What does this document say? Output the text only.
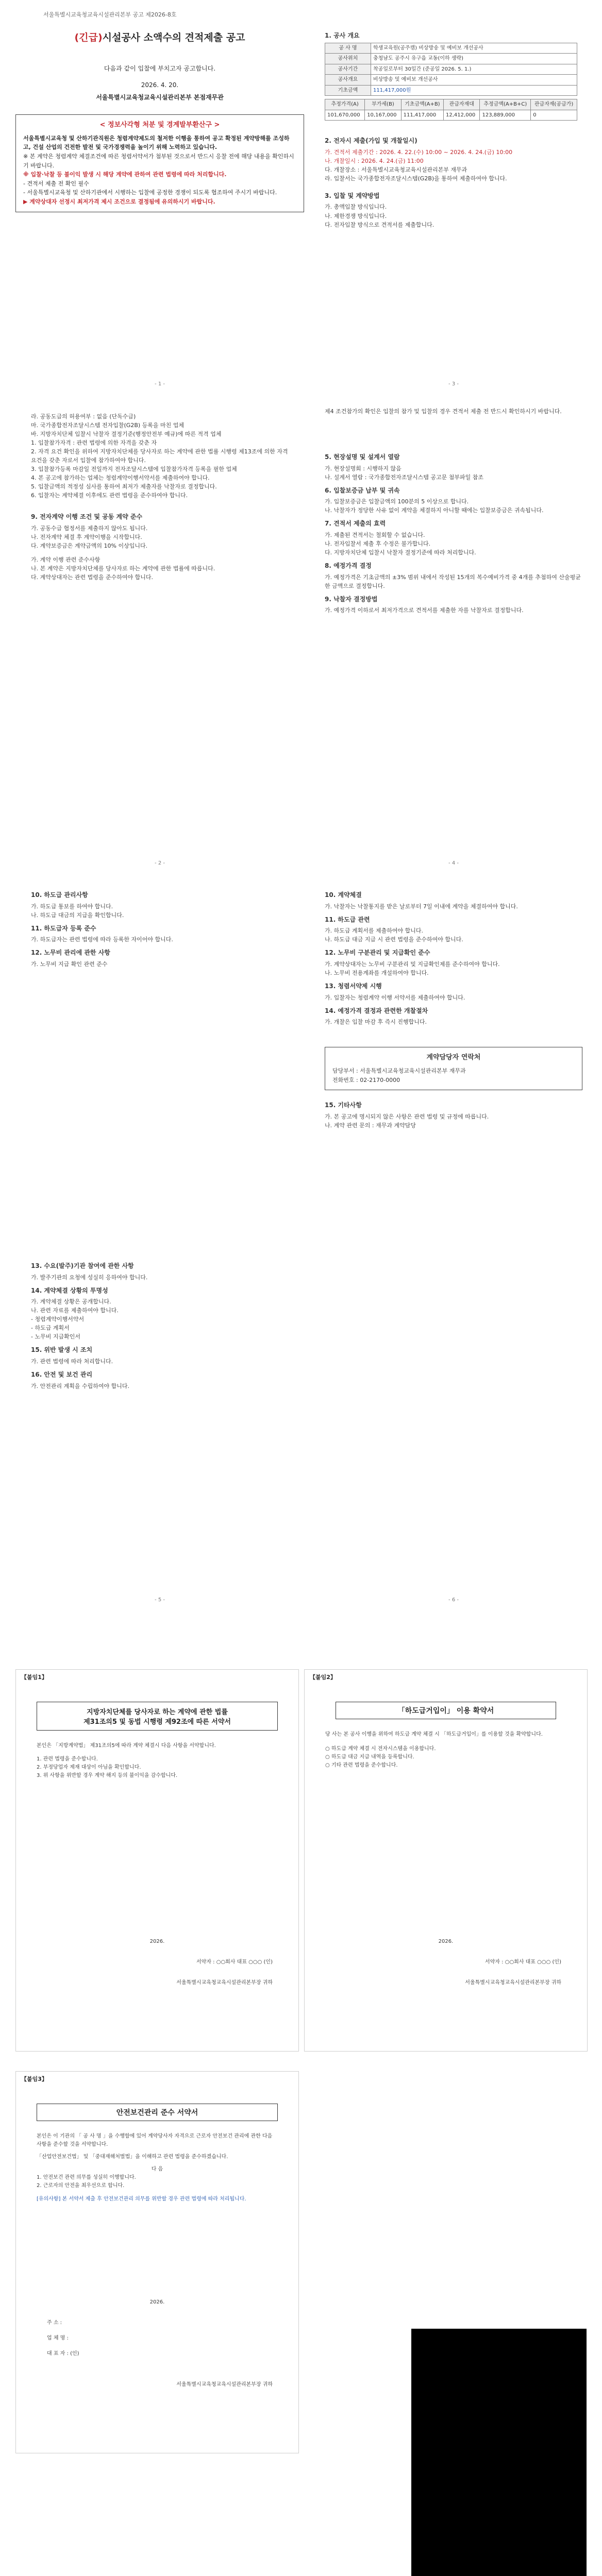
서울특별시교육청교육시설관리본부 공고 제2026-8호
(긴급)시설공사 소액수의 견적제출 공고
다음과 같이 입찰에 부치고자 공고합니다.
2026. 4. 20.
서울특별시교육청교육시설관리본부 본점재무관
< 정보사각형 처분 및 경계발부환산구 >
서울특별시교육청 및 산하기관직원은 청렴계약제도의 철저한 이행을 통하여 공고 확정된 계약방해를 조성하고, 건설 산업의 건전한 발전 및 국가경쟁력을 높이기 위해 노력하고 있습니다.
※ 본 계약은 청렴계약 체결조건에 따른 청렴서약서가 첨부된 것으로서 반드시 응찰 전에 해당 내용을 확인하시기 바랍니다.
※ 입찰·낙찰 등 불이익 발생 시 해당 계약에 관하여 관련 법령에 따라 처리합니다.
- 견적서 제출 전 확인 필수
- 서울특별시교육청 및 산하기관에서 시행하는 입찰에 공정한 경쟁이 되도록 협조하여 주시기 바랍니다.
▶ 계약상대자 선정시 최저가격 제시 조건으로 결정됨에 유의하시기 바랍니다.
- 1 -
라. 공동도급의 허용여부 : 없음 (단독수급)
마. 국가종합전자조달시스템 전자입찰(G2B) 등록을 마친 업체
바. 지방자치단체 입찰시 낙찰자 결정기준(행정안전부 예규)에 따른 적격 업체
1. 입찰참가자격 : 관련 법령에 의한 자격을 갖춘 자
2. 자격 요건 확인을 위하여 지방자치단체를 당사자로 하는 계약에 관한 법률 시행령 제13조에 의한 자격 요건을 갖춘 자로서 입찰에 참가하여야 합니다.
3. 입찰참가등록 마감일 전일까지 전자조달시스템에 입찰참가자격 등록을 필한 업체
4. 본 공고에 참가하는 업체는 청렴계약이행서약서를 제출하여야 합니다.
5. 입찰금액의 적정성 심사를 통하여 최저가 제출자를 낙찰자로 결정합니다.
6. 입찰자는 계약체결 이후에도 관련 법령을 준수하여야 합니다.
9. 전자계약 이행 조건 및 공동 계약 준수
가. 공동수급 협정서를 제출하지 않아도 됩니다.
나. 전자계약 체결 후 계약이행을 시작합니다.
다. 계약보증금은 계약금액의 10% 이상입니다.
가. 계약 이행 관련 준수사항
나. 본 계약은 지방자치단체를 당사자로 하는 계약에 관한 법률에 따릅니다.
다. 계약상대자는 관련 법령을 준수하여야 합니다.
- 2 -
1. 공사 개요
공 사 명	학생교육원(공주캠) 비상방송 및 예비보 개선공사
공사위치	충청남도 공주시 유구읍 교동(이하 생략)
공사기간	착공일로부터 30일간 (준공일 2026. 5. 1.)
공사개요	비상방송 및 예비보 개선공사
기초금액	111,417,000원
추정가격(A)	부가세(B)	기초금액(A+B)	관급자재대	추정금액(A+B+C)	관급자재(공급가)
101,670,000	10,167,000	111,417,000	12,412,000	123,889,000	0
2. 전자시 제출(가입 및 개찰일시)
가. 견적서 제출기간 : 2026. 4. 22.(수) 10:00 ~ 2026. 4. 24.(금) 10:00
나. 개찰일시 : 2026. 4. 24.(금) 11:00
다. 개찰장소 : 서울특별시교육청교육시설관리본부 재무과
라. 입찰서는 국가종합전자조달시스템(G2B)을 통하여 제출하여야 합니다.
3. 입찰 및 계약방법
가. 총액입찰 방식입니다.
나. 제한경쟁 방식입니다.
다. 전자입찰 방식으로 견적서를 제출합니다.
- 3 -
제4 조건참가의 확인은 입찰의 참가 및 입찰의 경우 견적서 제출 전 반드시 확인하시기 바랍니다.
5. 현장설명 및 설계서 열람
가. 현장설명회 : 시행하지 않음
나. 설계서 열람 : 국가종합전자조달시스템 공고문 첨부파일 참조
6. 입찰보증금 납부 및 귀속
가. 입찰보증금은 입찰금액의 100분의 5 이상으로 합니다.
나. 낙찰자가 정당한 사유 없이 계약을 체결하지 아니할 때에는 입찰보증금은 귀속됩니다.
7. 견적서 제출의 효력
가. 제출된 견적서는 철회할 수 없습니다.
나. 전자입찰서 제출 후 수정은 불가합니다.
다. 지방자치단체 입찰시 낙찰자 결정기준에 따라 처리합니다.
8. 예정가격 결정
가. 예정가격은 기초금액의 ±3% 범위 내에서 작성된 15개의 복수예비가격 중 4개를 추첨하여 산술평균한 금액으로 결정합니다.
9. 낙찰자 결정방법
가. 예정가격 이하로서 최저가격으로 견적서를 제출한 자를 낙찰자로 결정합니다.
- 4 -
10. 하도급 관리사항
가. 하도급 통보를 하여야 합니다.
나. 하도급 대금의 지급을 확인합니다.
11. 하도급자 등록 준수
가. 하도급자는 관련 법령에 따라 등록한 자이어야 합니다.
12. 노무비 관리에 관한 사항
가. 노무비 지급 확인 관련 준수
10. 계약체결
가. 낙찰자는 낙찰통지를 받은 날로부터 7일 이내에 계약을 체결하여야 합니다.
11. 하도급 관련
가. 하도급 계획서를 제출하여야 합니다.
나. 하도급 대금 지급 시 관련 법령을 준수하여야 합니다.
12. 노무비 구분관리 및 지급확인 준수
가. 계약상대자는 노무비 구분관리 및 지급확인제를 준수하여야 합니다.
나. 노무비 전용계좌를 개설하여야 합니다.
13. 청렴서약제 시행
가. 입찰자는 청렴계약 이행 서약서를 제출하여야 합니다.
14. 예정가격 결정과 관련한 개찰절차
가. 개찰은 입찰 마감 후 즉시 진행합니다.
계약담당자 연락처
담당부서 : 서울특별시교육청교육시설관리본부 재무과
전화번호 : 02-2170-0000
15. 기타사항
가. 본 공고에 명시되지 않은 사항은 관련 법령 및 규정에 따릅니다.
나. 계약 관련 문의 : 재무과 계약담당
13. 수요(발주)기관 참여에 관한 사항
가. 발주기관의 요청에 성실히 응하여야 합니다.
14. 계약체결 상황의 투명성
가. 계약체결 상황은 공개합니다.
나. 관련 자료를 제출하여야 합니다.
- 청렴계약이행서약서
- 하도급 계획서
- 노무비 지급확인서
15. 위반 발생 시 조치
가. 관련 법령에 따라 처리합니다.
16. 안전 및 보건 관리
가. 안전관리 계획을 수립하여야 합니다.
- 5 -	- 6 -
【붙임1】
지방자치단체를 당사자로 하는 계약에 관한 법률
제31조의5 및 동법 시행령 제92조에 따른 서약서
본인은 「지방계약법」 제31조의5에 따라 계약 체결시 다음 사항을 서약합니다.
1. 관련 법령을 준수합니다.
2. 부정당업자 제재 대상이 아님을 확인합니다.
3. 위 사항을 위반할 경우 계약 해지 등의 불이익을 감수합니다.
2026.
서약자 : ○○회사 대표 ○○○ (인)
서울특별시교육청교육시설관리본부장 귀하
【붙임2】
「하도급거입이」 이용 확약서
당 사는 본 공사 이행을 위하여 하도급 계약 체결 시 「하도급거입이」를 이용할 것을 확약합니다.
○ 하도급 계약 체결 시 전자시스템을 이용합니다.
○ 하도급 대금 지급 내역을 등록합니다.
○ 기타 관련 법령을 준수합니다.
2026.
서약자 : ○○회사 대표 ○○○ (인)
서울특별시교육청교육시설관리본부장 귀하
【붙임3】
안전보건관리 준수 서약서
본인은 이 기관의 「 공 사 명 」을 수행함에 있어 계약당사자 자격으로 근로자 안전보건 관리에 관한 다음 사항을 준수할 것을 서약합니다.
「산업안전보건법」 및 「중대재해처벌법」을 이해하고 관련 법령을 준수하겠습니다.
다 음
1. 안전보건 관련 의무를 성실히 이행합니다.
2. 근로자의 안전을 최우선으로 합니다.
[유의사항] 본 서약서 제출 후 안전보건관리 의무를 위반할 경우 관련 법령에 따라 처리됩니다.
2026.
주 소 :
업 체 명 :
대 표 자 : (인)
서울특별시교육청교육시설관리본부장 귀하
